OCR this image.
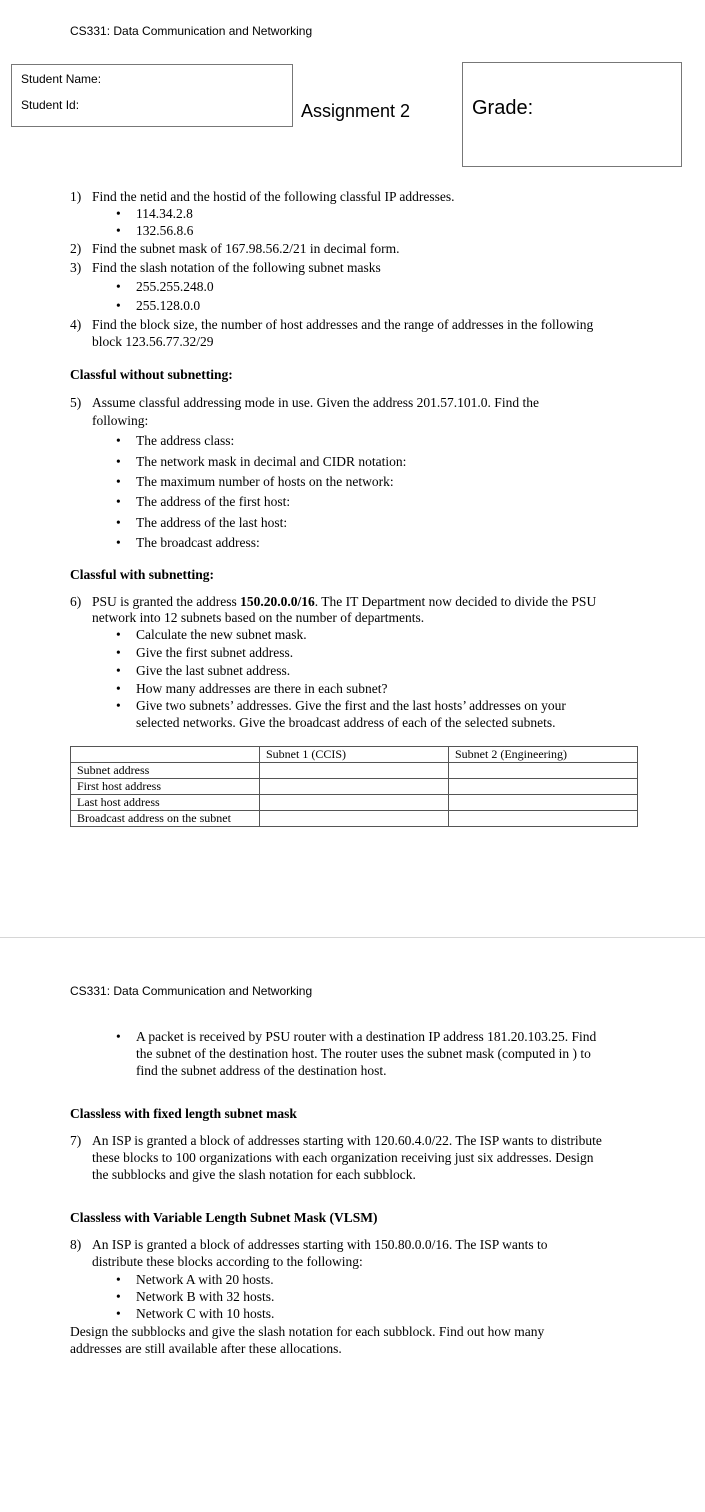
CS331: Data Communication and Networking
Student Name:
Student Id:	Assignment 2	Grade:
1) Find the netid and the hostid of the following classful IP addresses.
• 114.34.2.8
• 132.56.8.6
2) Find the subnet mask of 167.98.56.2/21 in decimal form.
3) Find the slash notation of the following subnet masks
• 255.255.248.0
• 255.128.0.0
4) Find the block size, the number of host addresses and the range of addresses in the following
block 123.56.77.32/29
Classful without subnetting:
5) Assume classful addressing mode in use. Given the address 201.57.101.0. Find the
following:
• The address class:
• The network mask in decimal and CIDR notation:
• The maximum number of hosts on the network:
• The address of the first host:
• The address of the last host:
• The broadcast address:
Classful with subnetting:
6) PSU is granted the address 150.20.0.0/16. The IT Department now decided to divide the PSU
network into 12 subnets based on the number of departments.
• Calculate the new subnet mask.
• Give the first subnet address.
• Give the last subnet address.
• How many addresses are there in each subnet?
• Give two subnets’ addresses. Give the first and the last hosts’ addresses on your
selected networks. Give the broadcast address of each of the selected subnets.
	Subnet 1 (CCIS)	Subnet 2 (Engineering)
Subnet address		
First host address		
Last host address		
Broadcast address on the subnet		
CS331: Data Communication and Networking
• A packet is received by PSU router with a destination IP address 181.20.103.25. Find
the subnet of the destination host. The router uses the subnet mask (computed in ) to
find the subnet address of the destination host.
Classless with fixed length subnet mask
7) An ISP is granted a block of addresses starting with 120.60.4.0/22. The ISP wants to distribute
these blocks to 100 organizations with each organization receiving just six addresses. Design
the subblocks and give the slash notation for each subblock.
Classless with Variable Length Subnet Mask (VLSM)
8) An ISP is granted a block of addresses starting with 150.80.0.0/16. The ISP wants to
distribute these blocks according to the following:
• Network A with 20 hosts.
• Network B with 32 hosts.
• Network C with 10 hosts.
Design the subblocks and give the slash notation for each subblock. Find out how many
addresses are still available after these allocations.
